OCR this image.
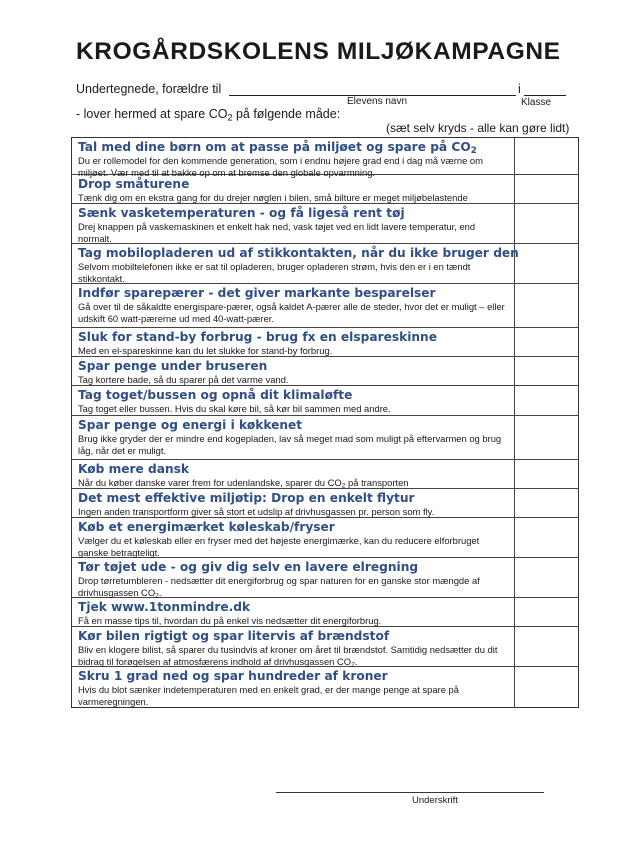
KROGÅRDSKOLENS MILJØKAMPAGNE
Undertegnede, forældre til	i
Elevens navn	Klasse
- lover hermed at spare $CO_2$ på følgende måde:
(sæt selv kryds - alle kan gøre lidt)
Tal med dine børn om at passe på miljøet og spare på $CO_2$
Du er rollemodel for den kommende generation, som i endnu højere grad end i dag må værne om miljøet. Vær med til at bakke op om at bremse den globale opvarmning.
Drop småturene
Tænk dig om en ekstra gang for du drejer nøglen i bilen, små bilture er meget miljøbelastende
Sænk vasketemperaturen - og få ligeså rent tøj
Drej knappen på vaskemaskinen et enkelt hak ned, vask tøjet ved en lidt lavere temperatur, end normalt.
Tag mobilopladeren ud af stikkontakten, når du ikke bruger den
Selvom mobiltelefonen ikke er sat til opladeren, bruger opladeren strøm, hvis den er i en tændt stikkontakt.
Indfør sparepærer - det giver markante besparelser
Gå over til de såkaldte energispare-pærer, også kaldet A-pærer alle de steder, hvor det er muligt – eller udskift 60 watt-pærerne ud med 40-watt-pærer.
Sluk for stand-by forbrug - brug fx en elspareskinne
Med en el-spareskinne kan du let slukke for stand-by forbrug.
Spar penge under bruseren
Tag kortere bade, så du sparer på det varme vand.
Tag toget/bussen og opnå dit klimaløfte
Tag toget eller bussen. Hvis du skal køre bil, så kør bil sammen med andre.
Spar penge og energi i køkkenet
Brug ikke gryder der er mindre end kogepladen, lav så meget mad som muligt på eftervarmen og brug låg, når det er muligt.
Køb mere dansk
Når du køber danske varer frem for udenlandske, sparer du $CO_2$ på transporten
Det mest effektive miljøtip: Drop en enkelt flytur
Ingen anden transportform giver så stort et udslip af drivhusgassen pr. person som fly.
Køb et energimærket køleskab/fryser
Vælger du et køleskab eller en fryser med det højeste energimærke, kan du reducere elforbruget ganske betragteligt.
Tør tøjet ude - og giv dig selv en lavere elregning
Drop tørretumbleren - nedsætter dit energiforbrug og spar naturen for en ganske stor mængde af drivhusgassen $CO_2$.
Tjek www.1tonmindre.dk
Få en masse tips til, hvordan du på enkel vis nedsætter dit energiforbrug.
Kør bilen rigtigt og spar litervis af brændstof
Bliv en klogere bilist, så sparer du tusindvis af kroner om året til brændstof. Samtidig nedsætter du dit bidrag til forøgelsen af atmosfærens indhold af drivhusgassen $CO_2$.
Skru 1 grad ned og spar hundreder af kroner
Hvis du blot sænker indetemperaturen med en enkelt grad, er der mange penge at spare på varmeregningen.
Underskrift
